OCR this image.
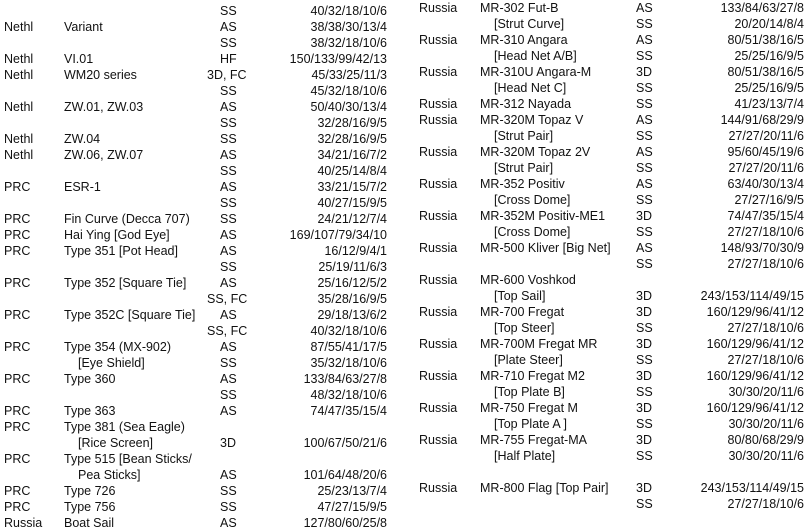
SS	40/32/18/10/6
Nethl Variant	AS	38/38/30/13/4
SS	38/32/18/10/6
Nethl VI.01	HF	150/133/99/42/13
Nethl WM20 series	3D, FC	45/33/25/11/3
SS	45/32/18/10/6
Nethl ZW.01, ZW.03	AS	50/40/30/13/4
SS	32/28/16/9/5
Nethl ZW.04	SS	32/28/16/9/5
Nethl ZW.06, ZW.07	AS	34/21/16/7/2
SS	40/25/14/8/4
PRC	ESR-1	AS	33/21/15/7/2
SS	40/27/15/9/5
PRC	Fin Curve (Decca 707) SS	24/21/12/7/4
PRC	Hai Ying [God Eye]	AS	169/107/79/34/10
PRC	Type 351 [Pot Head]	AS	16/12/9/4/1
SS	25/19/11/6/3
PRC	Type 352 [Square Tie]	AS	25/16/12/5/2
SS, FC	35/28/16/9/5
PRC	Type 352C [Square Tie] AS	29/18/13/6/2
SS, FC	40/32/18/10/6
PRC	Type 354 (MX-902)	AS	87/55/41/17/5
[Eye Shield]	SS	35/32/18/10/6
PRC	Type 360	AS	133/84/63/27/8
SS	48/32/18/10/6
PRC	Type 363	AS	74/47/35/15/4
PRC	Type 381 (Sea Eagle)
[Rice Screen]	3D	100/67/50/21/6
PRC	Type 515 [Bean Sticks/
Pea Sticks]	AS	101/64/48/20/6
PRC	Type 726	SS	25/23/13/7/4
PRC	Type 756	SS	47/27/15/9/5
Russia Boat Sail	AS	127/80/60/25/8
Russia MR-302 Fut-B	AS	133/84/63/27/8
[Strut Curve]	SS	20/20/14/8/4
Russia MR-310 Angara	AS	80/51/38/16/5
[Head Net A/B]	SS	25/25/16/9/5
Russia MR-310U Angara-M	3D	80/51/38/16/5
[Head Net C]	SS	25/25/16/9/5
Russia MR-312 Nayada	SS	41/23/13/7/4
Russia MR-320M Topaz V	AS	144/91/68/29/9
[Strut Pair]	SS	27/27/20/11/6
Russia MR-320M Topaz 2V	AS	95/60/45/19/6
[Strut Pair]	SS	27/27/20/11/6
Russia MR-352 Positiv	AS	63/40/30/13/4
[Cross Dome]	SS	27/27/16/9/5
Russia MR-352M Positiv-ME1 3D	74/47/35/15/4
[Cross Dome]	SS	27/27/18/10/6
Russia MR-500 Kliver [Big Net] AS	148/93/70/30/9
SS	27/27/18/10/6
Russia MR-600 Voshkod
[Top Sail]	3D	243/153/114/49/15
Russia MR-700 Fregat	3D	160/129/96/41/12
[Top Steer]	SS	27/27/18/10/6
Russia MR-700M Fregat MR	3D	160/129/96/41/12
[Plate Steer]	SS	27/27/18/10/6
Russia MR-710 Fregat M2	3D	160/129/96/41/12
[Top Plate B]	SS	30/30/20/11/6
Russia MR-750 Fregat M	3D	160/129/96/41/12
[Top Plate A ]	SS	30/30/20/11/6
Russia MR-755 Fregat-MA	3D	80/80/68/29/9
[Half Plate]	SS	30/30/20/11/6
Russia MR-800 Flag [Top Pair] 3D	243/153/114/49/15
SS	27/27/18/10/6
